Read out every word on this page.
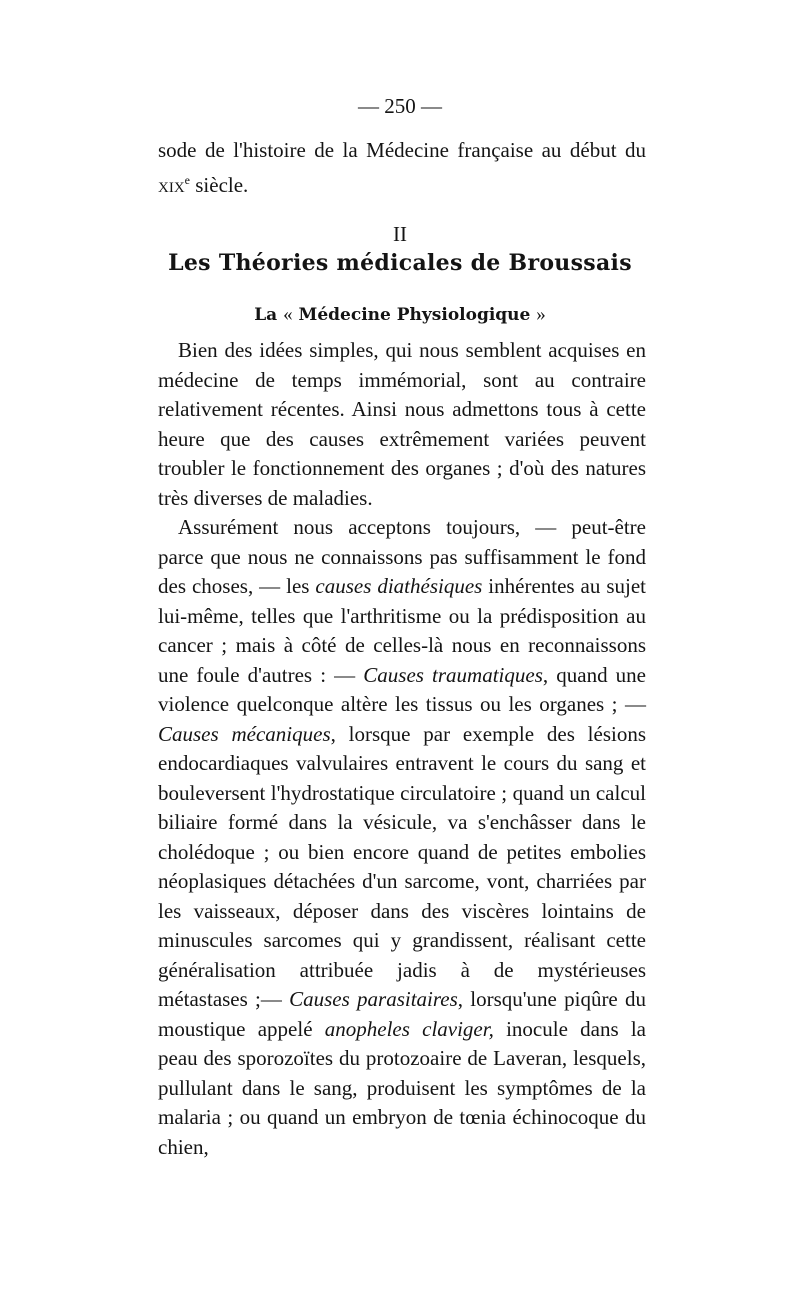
— 250 —

sode de l'histoire de la Médecine française au début du xix$^e$ siècle.

II
Les Théories médicales de Broussais
La « Médecine Physiologique »

Bien des idées simples, qui nous semblent acquises en médecine de temps immémorial, sont au contraire relativement récentes. Ainsi nous admettons tous à cette heure que des causes extrêmement variées peuvent troubler le fonctionnement des organes ; d'où des natures très diverses de maladies.

Assurément nous acceptons toujours, — peut-être parce que nous ne connaissons pas suffisamment le fond des choses, — les causes diathésiques inhérentes au sujet lui-même, telles que l'arthritisme ou la prédisposition au cancer ; mais à côté de celles-là nous en reconnaissons une foule d'autres : — Causes traumatiques, quand une violence quelconque altère les tissus ou les organes ; — Causes mécaniques, lorsque par exemple des lésions endocardiaques valvulaires entravent le cours du sang et bouleversent l'hydrostatique circulatoire ; quand un calcul biliaire formé dans la vésicule, va s'enchâsser dans le cholédoque ; ou bien encore quand de petites embolies néoplasiques détachées d'un sarcome, vont, charriées par les vaisseaux, déposer dans des viscères lointains de minuscules sarcomes qui y grandissent, réalisant cette généralisation attribuée jadis à de mystérieuses métastases ;— Causes parasitaires, lorsqu'une piqûre du moustique appelé anopheles claviger, inocule dans la peau des sporozoïtes du protozoaire de Laveran, lesquels, pullulant dans le sang, produisent les symptômes de la malaria ; ou quand un embryon de tœnia échinocoque du chien,
